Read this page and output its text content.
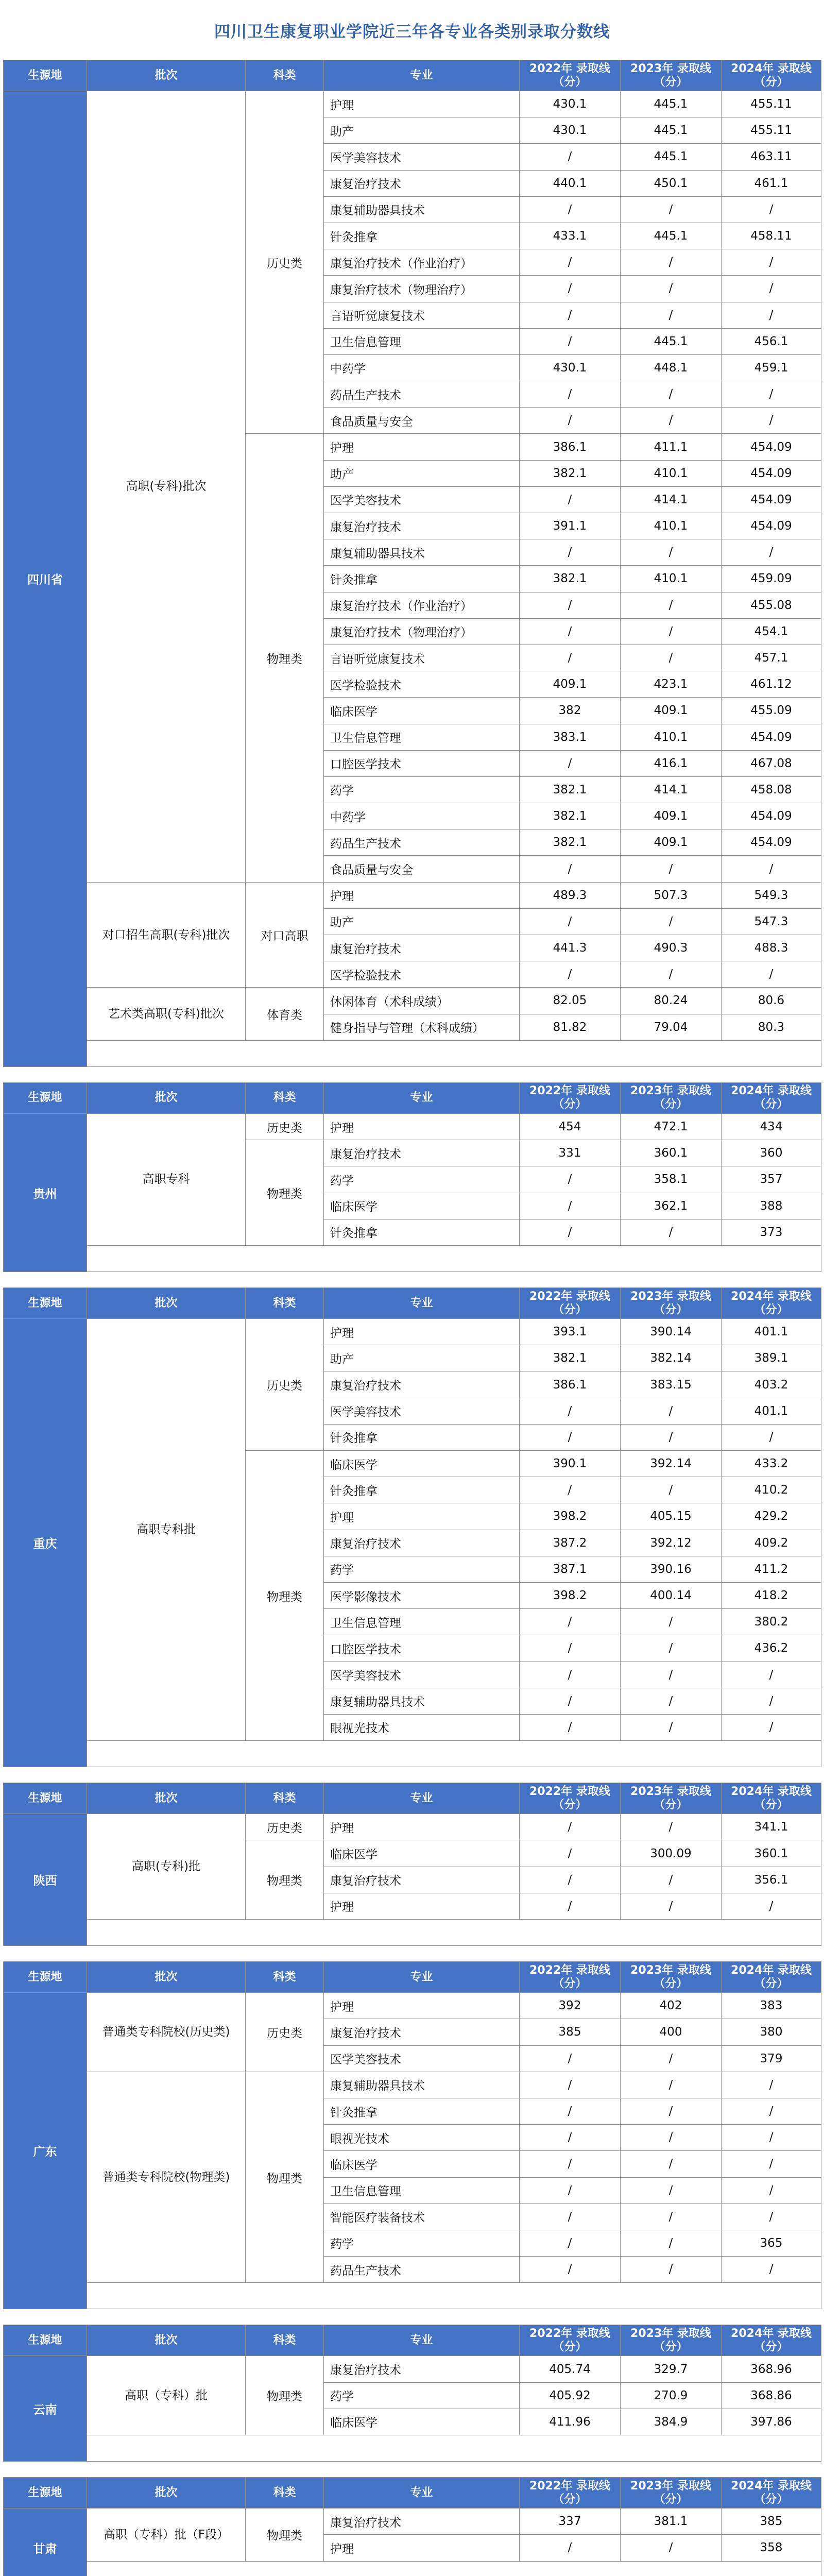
四川卫生康复职业学院近三年各专业各类别录取分数线
生源地	批次	科类	专业	2022年 录取线（分）	2023年 录取线（分）	2024年 录取线（分）
四川省	高职(专科)批次	历史类	护理	430.1	445.1	455.11
			助产	430.1	445.1	455.11
			医学美容技术	/	445.1	463.11
			康复治疗技术	440.1	450.1	461.1
			康复辅助器具技术	/	/	/
			针灸推拿	433.1	445.1	458.11
			康复治疗技术（作业治疗）	/	/	/
			康复治疗技术（物理治疗）	/	/	/
			言语听觉康复技术	/	/	/
			卫生信息管理	/	445.1	456.1
			中药学	430.1	448.1	459.1
			药品生产技术	/	/	/
			食品质量与安全	/	/	/
		物理类	护理	386.1	411.1	454.09
			助产	382.1	410.1	454.09
			医学美容技术	/	414.1	454.09
			康复治疗技术	391.1	410.1	454.09
			康复辅助器具技术	/	/	/
			针灸推拿	382.1	410.1	459.09
			康复治疗技术（作业治疗）	/	/	455.08
			康复治疗技术（物理治疗）	/	/	454.1
			言语听觉康复技术	/	/	457.1
			医学检验技术	409.1	423.1	461.12
			临床医学	382	409.1	455.09
			卫生信息管理	383.1	410.1	454.09
			口腔医学技术	/	416.1	467.08
			药学	382.1	414.1	458.08
			中药学	382.1	409.1	454.09
			药品生产技术	382.1	409.1	454.09
			食品质量与安全	/	/	/
	对口招生高职(专科)批次	对口高职	护理	489.3	507.3	549.3
			助产	/	/	547.3
			康复治疗技术	441.3	490.3	488.3
			医学检验技术	/	/	/
	艺术类高职(专科)批次	体育类	休闲体育（术科成绩）	82.05	80.24	80.6
			健身指导与管理（术科成绩）	81.82	79.04	80.3

生源地	批次	科类	专业	2022年 录取线（分）	2023年 录取线（分）	2024年 录取线（分）
贵州	高职专科	历史类	护理	454	472.1	434
		物理类	康复治疗技术	331	360.1	360
			药学	/	358.1	357
			临床医学	/	362.1	388
			针灸推拿	/	/	373

生源地	批次	科类	专业	2022年 录取线（分）	2023年 录取线（分）	2024年 录取线（分）
重庆	高职专科批	历史类	护理	393.1	390.14	401.1
			助产	382.1	382.14	389.1
			康复治疗技术	386.1	383.15	403.2
			医学美容技术	/	/	401.1
			针灸推拿	/	/	/
		物理类	临床医学	390.1	392.14	433.2
			针灸推拿	/	/	410.2
			护理	398.2	405.15	429.2
			康复治疗技术	387.2	392.12	409.2
			药学	387.1	390.16	411.2
			医学影像技术	398.2	400.14	418.2
			卫生信息管理	/	/	380.2
			口腔医学技术	/	/	436.2
			医学美容技术	/	/	/
			康复辅助器具技术	/	/	/
			眼视光技术	/	/	/

生源地	批次	科类	专业	2022年 录取线（分）	2023年 录取线（分）	2024年 录取线（分）
陕西	高职(专科)批	历史类	护理	/	/	341.1
		物理类	临床医学	/	300.09	360.1
			康复治疗技术	/	/	356.1
			护理	/	/	/

生源地	批次	科类	专业	2022年 录取线（分）	2023年 录取线（分）	2024年 录取线（分）
广东	普通类专科院校(历史类)	历史类	护理	392	402	383
			康复治疗技术	385	400	380
			医学美容技术	/	/	379
	普通类专科院校(物理类)	物理类	康复辅助器具技术	/	/	/
			针灸推拿	/	/	/
			眼视光技术	/	/	/
			临床医学	/	/	/
			卫生信息管理	/	/	/
			智能医疗装备技术	/	/	/
			药学	/	/	365
			药品生产技术	/	/	/

生源地	批次	科类	专业	2022年 录取线（分）	2023年 录取线（分）	2024年 录取线（分）
云南	高职（专科）批	物理类	康复治疗技术	405.74	329.7	368.96
			药学	405.92	270.9	368.86
			临床医学	411.96	384.9	397.86

生源地	批次	科类	专业	2022年 录取线（分）	2023年 录取线（分）	2024年 录取线（分）
甘肃	高职（专科）批（F段）	物理类	康复治疗技术	337	381.1	385
			护理	/	/	358
